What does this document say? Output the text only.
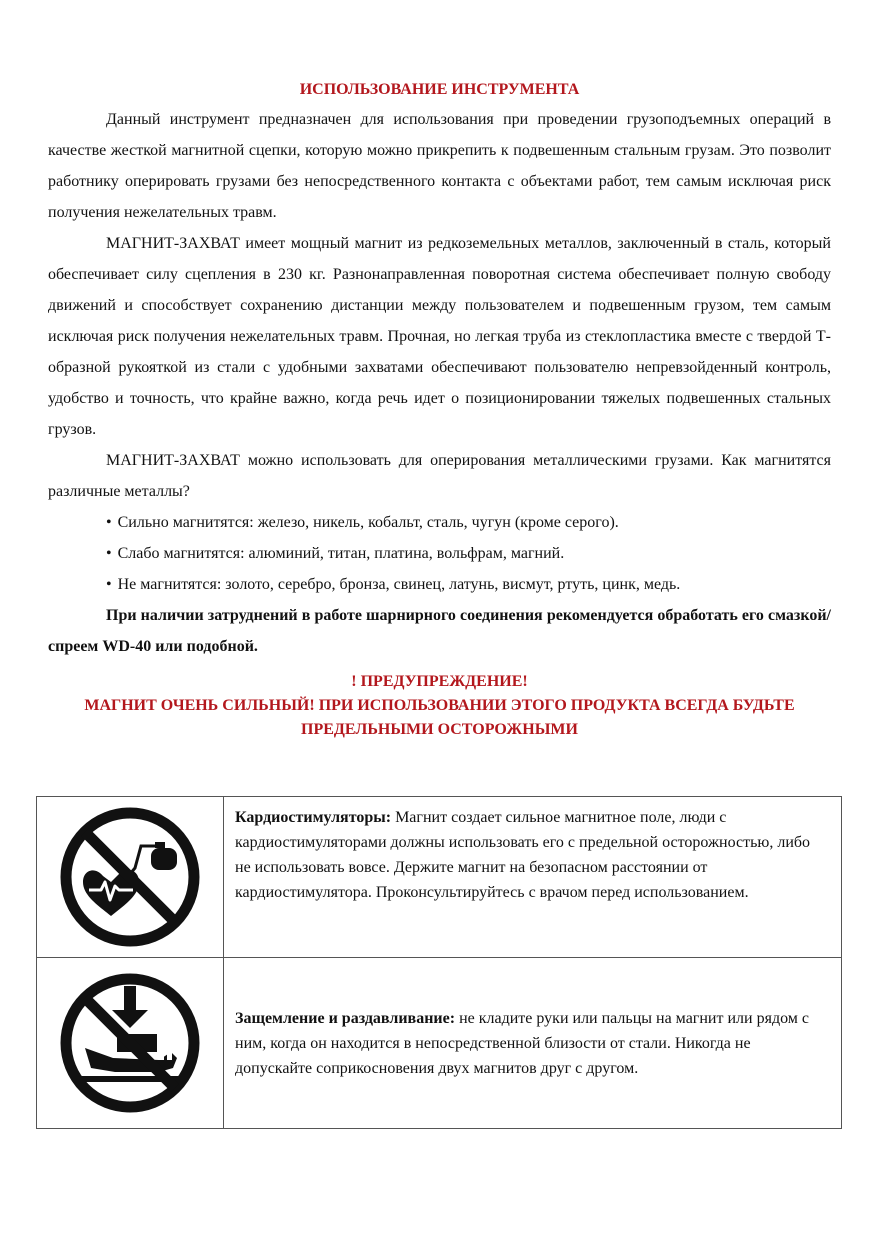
ИСПОЛЬЗОВАНИЕ ИНСТРУМЕНТА

Данный инструмент предназначен для использования при проведении грузоподъемных операций в качестве жесткой магнитной сцепки, которую можно прикрепить к подвешенным стальным грузам. Это позволит работнику оперировать грузами без непосредственного контакта с объектами работ, тем самым исключая риск получения нежелательных травм.

МАГНИТ-ЗАХВАТ имеет мощный магнит из редкоземельных металлов, заключенный в сталь, который обеспечивает силу сцепления в 230 кг. Разнонаправленная поворотная система обеспечивает полную свободу движений и способствует сохранению дистанции между пользователем и подвешенным грузом, тем самым исключая риск получения нежелательных травм. Прочная, но легкая труба из стеклопластика вместе с твердой Т-образной рукояткой из стали с удобными захватами обеспечивают пользователю непревзойденный контроль, удобство и точность, что крайне важно, когда речь идет о позиционировании тяжелых подвешенных стальных грузов.

МАГНИТ-ЗАХВАТ можно использовать для оперирования металлическими грузами. Как магнитятся различные металлы?

• Сильно магнитятся: железо, никель, кобальт, сталь, чугун (кроме серого).
• Слабо магнитятся: алюминий, титан, платина, вольфрам, магний.
• Не магнитятся: золото, серебро, бронза, свинец, латунь, висмут, ртуть, цинк, медь.

При наличии затруднений в работе шарнирного соединения рекомендуется обработать его смазкой/спреем WD-40 или подобной.

! ПРЕДУПРЕЖДЕНИЕ!
МАГНИТ ОЧЕНЬ СИЛЬНЫЙ! ПРИ ИСПОЛЬЗОВАНИИ ЭТОГО ПРОДУКТА ВСЕГДА БУДЬТЕ ПРЕДЕЛЬНЫМИ ОСТОРОЖНЫМИ
	Кардиостимуляторы: Магнит создает сильное магнитное поле, люди с кардиостимуляторами должны использовать его с предельной осторожностью, либо не использовать вовсе. Держите магнит на безопасном расстоянии от кардиостимулятора. Проконсультируйтесь с врачом перед использованием.

	Защемление и раздавливание: не кладите руки или пальцы на магнит или рядом с ним, когда он находится в непосредственной близости от стали. Никогда не допускайте соприкосновения двух магнитов друг с другом.
